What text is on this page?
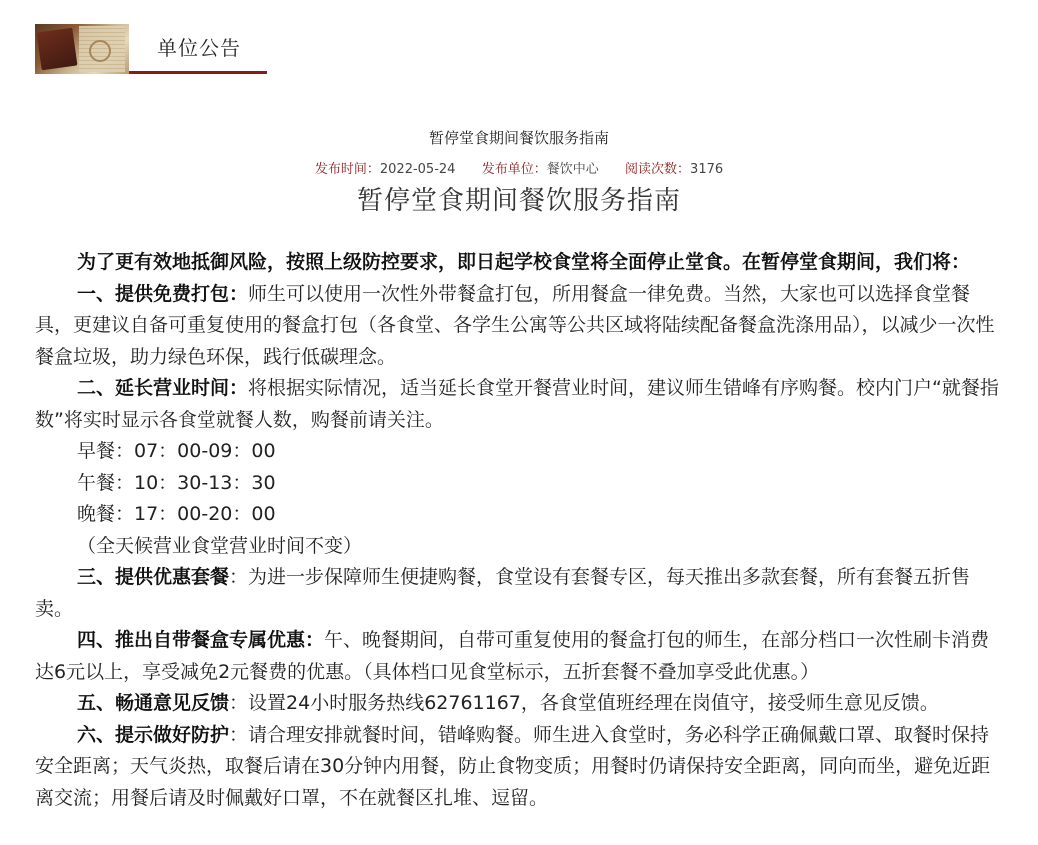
单位公告
暂停堂食期间餐饮服务指南
发布时间：2022-05-24 发布单位：餐饮中心 阅读次数：3176
暂停堂食期间餐饮服务指南

为了更有效地抵御风险，按照上级防控要求，即日起学校食堂将全面停止堂食。在暂停堂食期间，我们将：

一、提供免费打包：师生可以使用一次性外带餐盒打包，所用餐盒一律免费。当然，大家也可以选择食堂餐具，更建议自备可重复使用的餐盒打包（各食堂、各学生公寓等公共区域将陆续配备餐盒洗涤用品），以减少一次性餐盒垃圾，助力绿色环保，践行低碳理念。

二、延长营业时间：将根据实际情况，适当延长食堂开餐营业时间，建议师生错峰有序购餐。校内门户“就餐指数”将实时显示各食堂就餐人数，购餐前请关注。

早餐：07：00-09：00

午餐：10：30-13：30

晚餐：17：00-20：00

（全天候营业食堂营业时间不变）

三、提供优惠套餐：为进一步保障师生便捷购餐，食堂设有套餐专区，每天推出多款套餐，所有套餐五折售卖。

四、推出自带餐盒专属优惠：午、晚餐期间，自带可重复使用的餐盒打包的师生，在部分档口一次性刷卡消费达6元以上，享受减免2元餐费的优惠。（具体档口见食堂标示，五折套餐不叠加享受此优惠。）

五、畅通意见反馈：设置24小时服务热线62761167，各食堂值班经理在岗值守，接受师生意见反馈。

六、提示做好防护：请合理安排就餐时间，错峰购餐。师生进入食堂时，务必科学正确佩戴口罩、取餐时保持安全距离；天气炎热，取餐后请在30分钟内用餐，防止食物变质；用餐时仍请保持安全距离，同向而坐，避免近距离交流；用餐后请及时佩戴好口罩，不在就餐区扎堆、逗留。
